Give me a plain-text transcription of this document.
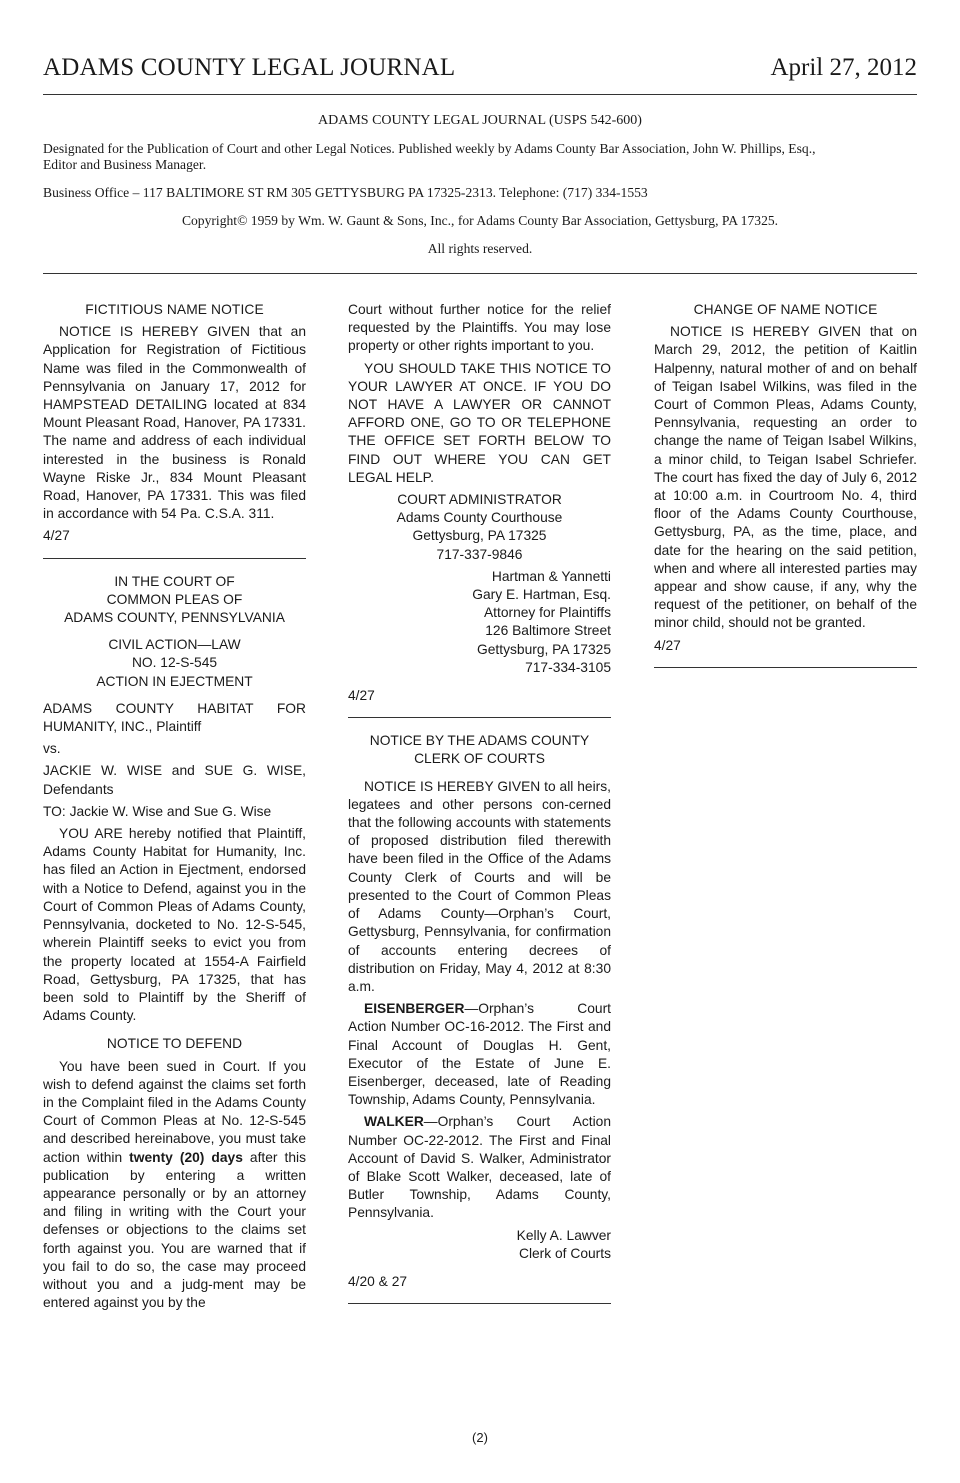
ADAMS COUNTY LEGAL JOURNAL	April 27, 2012
ADAMS COUNTY LEGAL JOURNAL (USPS 542-600)
Designated for the Publication of Court and other Legal Notices. Published weekly by Adams County Bar Association, John W. Phillips, Esq., Editor and Business Manager.
Business Office – 117 BALTIMORE ST RM 305 GETTYSBURG PA 17325-2313. Telephone: (717) 334-1553
Copyright© 1959 by Wm. W. Gaunt & Sons, Inc., for Adams County Bar Association, Gettysburg, PA 17325.
All rights reserved.

FICTITIOUS NAME NOTICE

NOTICE IS HEREBY GIVEN that an Application for Registration of Fictitious Name was filed in the Commonwealth of Pennsylvania on January 17, 2012 for HAMPSTEAD DETAILING located at 834 Mount Pleasant Road, Hanover, PA 17331. The name and address of each individual interested in the business is Ronald Wayne Riske Jr., 834 Mount Pleasant Road, Hanover, PA 17331. This was filed in accordance with 54 Pa. C.S.A. 311.

4/27

IN THE COURT OF

COMMON PLEAS OF

ADAMS COUNTY, PENNSYLVANIA

CIVIL ACTION—LAW

NO. 12-S-545

ACTION IN EJECTMENT

ADAMS COUNTY HABITAT FOR HUMANITY, INC., Plaintiff

vs.

JACKIE W. WISE and SUE G. WISE, Defendants

TO: Jackie W. Wise and Sue G. Wise

YOU ARE hereby notified that Plaintiff, Adams County Habitat for Humanity, Inc. has filed an Action in Ejectment, endorsed with a Notice to Defend, against you in the Court of Common Pleas of Adams County, Pennsylvania, docketed to No. 12-S-545, wherein Plaintiff seeks to evict you from the property located at 1554-A Fairfield Road, Gettysburg, PA 17325, that has been sold to Plaintiff by the Sheriff of Adams County.

NOTICE TO DEFEND

You have been sued in Court. If you wish to defend against the claims set forth in the Complaint filed in the Adams County Court of Common Pleas at No. 12-S-545 and described hereinabove, you must take action within twenty (20) days after this publication by entering a written appearance personally or by an attorney and filing in writing with the Court your defenses or objections to the claims set forth against you. You are warned that if you fail to do so, the case may proceed without you and a judg-ment may be entered against you by the

Court without further notice for the relief requested by the Plaintiffs. You may lose property or other rights important to you.

YOU SHOULD TAKE THIS NOTICE TO YOUR LAWYER AT ONCE. IF YOU DO NOT HAVE A LAWYER OR CANNOT AFFORD ONE, GO TO OR TELEPHONE THE OFFICE SET FORTH BELOW TO FIND OUT WHERE YOU CAN GET LEGAL HELP.

COURT ADMINISTRATOR

Adams County Courthouse

Gettysburg, PA 17325

717-337-9846

Hartman & Yannetti

Gary E. Hartman, Esq.

Attorney for Plaintiffs

126 Baltimore Street

Gettysburg, PA 17325

717-334-3105

4/27

NOTICE BY THE ADAMS COUNTY

CLERK OF COURTS

NOTICE IS HEREBY GIVEN to all heirs, legatees and other persons con-cerned that the following accounts with statements of proposed distribution filed therewith have been filed in the Office of the Adams County Clerk of Courts and will be presented to the Court of Common Pleas of Adams County—Orphan’s Court, Gettysburg, Pennsylvania, for confirmation of accounts entering decrees of distribution on Friday, May 4, 2012 at 8:30 a.m.

EISENBERGER—Orphan’s Court Action Number OC-16-2012. The First and Final Account of Douglas H. Gent, Executor of the Estate of June E. Eisenberger, deceased, late of Reading Township, Adams County, Pennsylvania.

WALKER—Orphan’s Court Action Number OC-22-2012. The First and Final Account of David S. Walker, Administrator of Blake Scott Walker, deceased, late of Butler Township, Adams County, Pennsylvania.

Kelly A. Lawver

Clerk of Courts

4/20 & 27

CHANGE OF NAME NOTICE

NOTICE IS HEREBY GIVEN that on March 29, 2012, the petition of Kaitlin Halpenny, natural mother of and on behalf of Teigan Isabel Wilkins, was filed in the Court of Common Pleas, Adams County, Pennsylvania, requesting an order to change the name of Teigan Isabel Wilkins, a minor child, to Teigan Isabel Schriefer. The court has fixed the day of July 6, 2012 at 10:00 a.m. in Courtroom No. 4, third floor of the Adams County Courthouse, Gettysburg, PA, as the time, place, and date for the hearing on the said petition, when and where all interested parties may appear and show cause, if any, why the request of the petitioner, on behalf of the minor child, should not be granted.

4/27

(2)
